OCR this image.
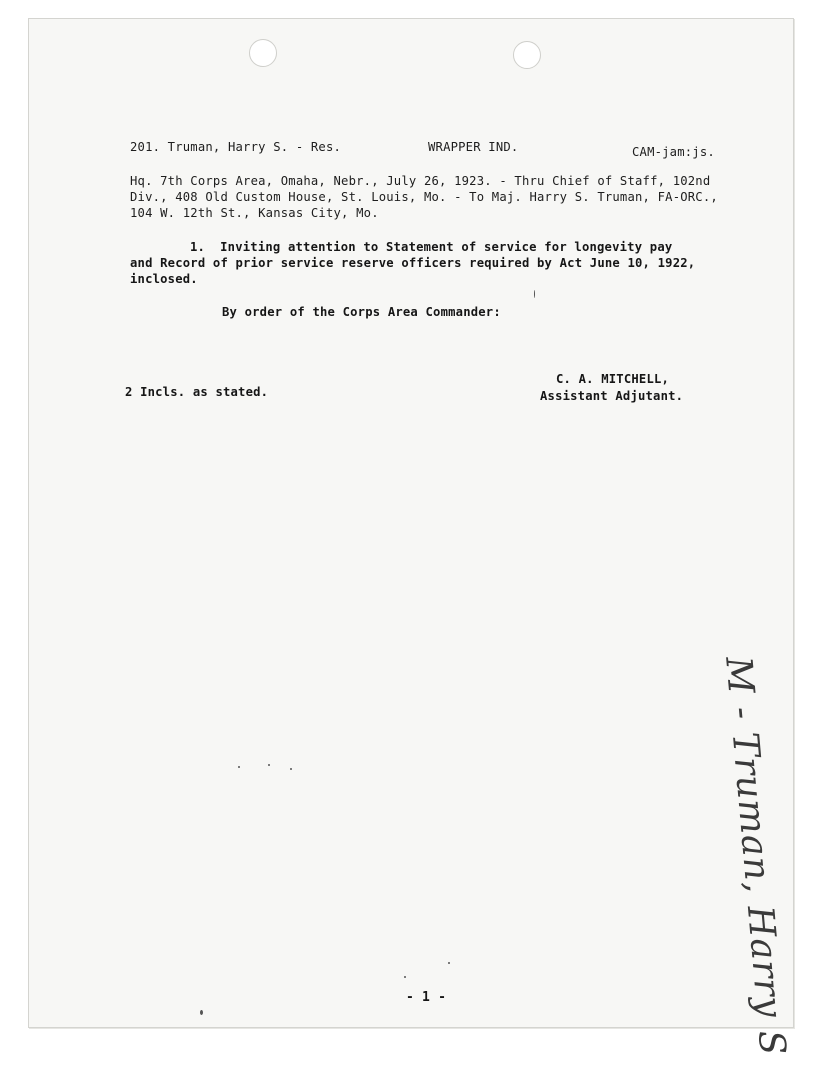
201. Truman, Harry S. - Res.	WRAPPER IND.	CAM-jam:js.
Hq. 7th Corps Area, Omaha, Nebr., July 26, 1923. - Thru Chief of Staff, 102nd
Div., 408 Old Custom House, St. Louis, Mo. - To Maj. Harry S. Truman, FA-ORC.,
104 W. 12th St., Kansas City, Mo.
1.  Inviting attention to Statement of service for longevity pay
and Record of prior service reserve officers required by Act June 10, 1922,
inclosed.
By order of the Corps Area Commander:
C. A. MITCHELL,
2 Incls. as stated.	Assistant Adjutant.
M - Truman, Harry S
- 1 -
